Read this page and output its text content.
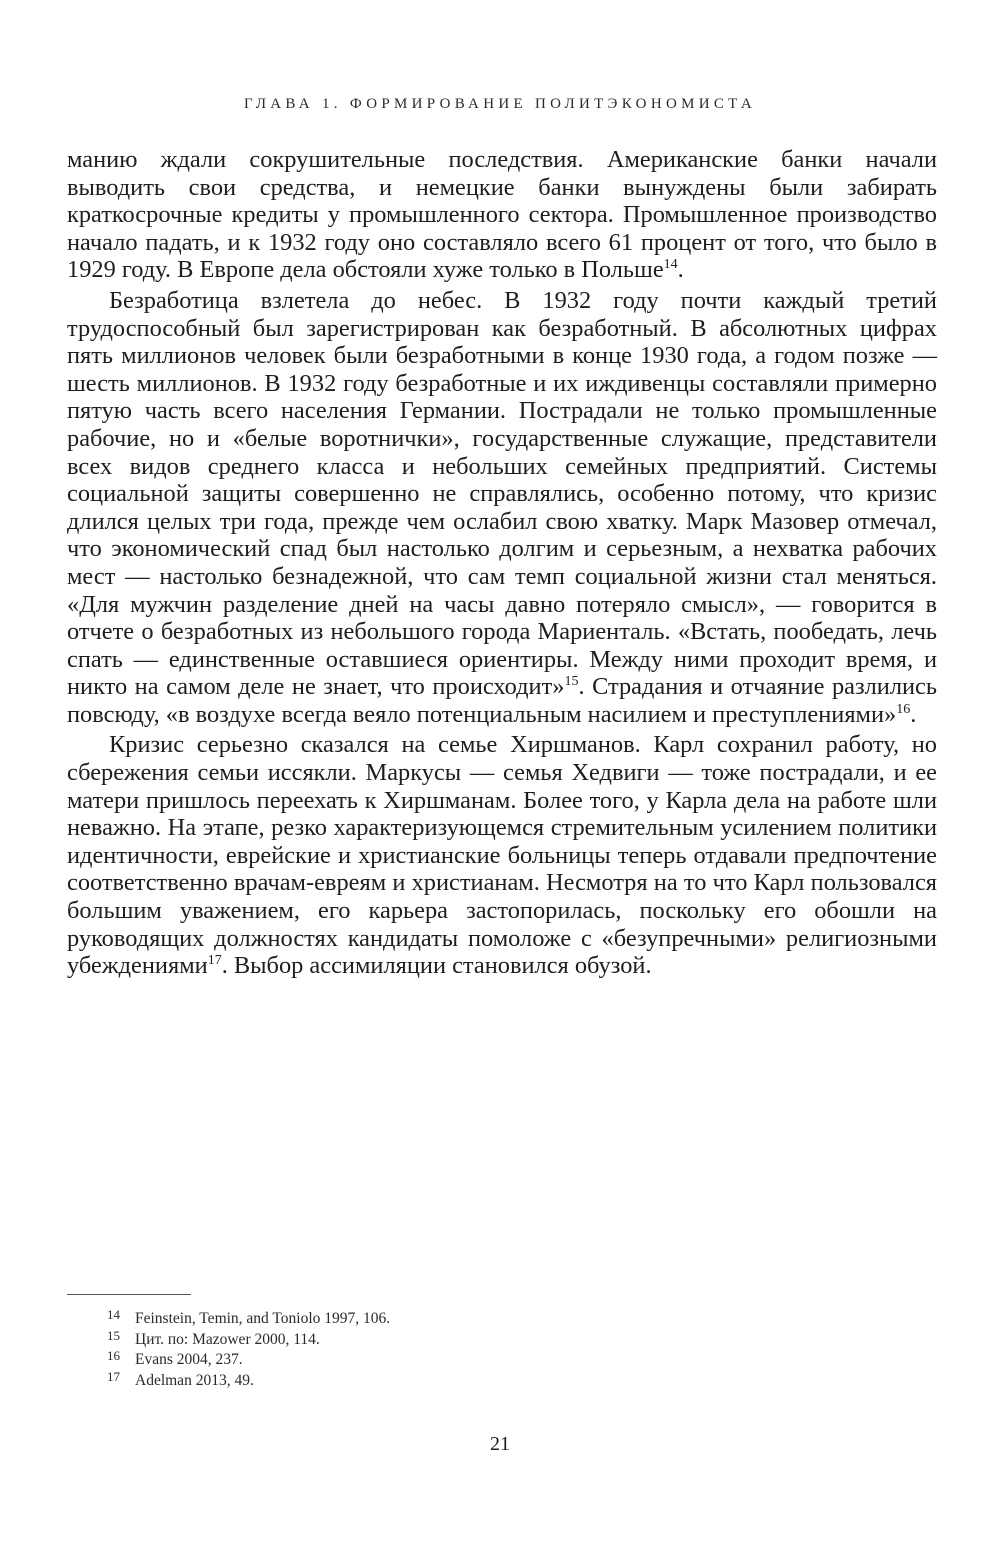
ГЛАВА 1. ФОРМИРОВАНИЕ ПОЛИТЭКОНОМИСТА

манию ждали сокрушительные последствия. Американские банки начали выводить свои средства, и немецкие банки вынуждены были забирать краткосрочные кредиты у промышленного сектора. Промышленное производство начало падать, и к 1932 году оно составляло всего 61 процент от того, что было в 1929 году. В Европе дела обстояли хуже только в Польше$^{14}$.

Безработица взлетела до небес. В 1932 году почти каждый третий трудоспособный был зарегистрирован как безработный. В абсолютных цифрах пять миллионов человек были безработными в конце 1930 года, а годом позже — шесть миллионов. В 1932 году безработные и их иждивенцы составляли примерно пятую часть всего населения Германии. Пострадали не только промышленные рабочие, но и «белые воротнички», государственные служащие, представители всех видов среднего класса и небольших семейных предприятий. Системы социальной защиты совершенно не справлялись, особенно потому, что кризис длился целых три года, прежде чем ослабил свою хватку. Марк Мазовер отмечал, что экономический спад был настолько долгим и серьезным, а нехватка рабочих мест — настолько безнадежной, что сам темп социальной жизни стал меняться. «Для мужчин разделение дней на часы давно потеряло смысл», — говорится в отчете о безработных из небольшого города Мариенталь. «Встать, пообедать, лечь спать — единственные оставшиеся ориентиры. Между ними проходит время, и никто на самом деле не знает, что происходит»$^{15}$. Страдания и отчаяние разлились повсюду, «в воздухе всегда веяло потенциальным насилием и преступлениями»$^{16}$.

Кризис серьезно сказался на семье Хиршманов. Карл сохранил работу, но сбережения семьи иссякли. Маркусы — семья Хедвиги — тоже пострадали, и ее матери пришлось переехать к Хиршманам. Более того, у Карла дела на работе шли неважно. На этапе, резко характеризующемся стремительным усилением политики идентичности, еврейские и христианские больницы теперь отдавали предпочтение соответственно врачам-евреям и христианам. Несмотря на то что Карл пользовался большим уважением, его карьера застопорилась, поскольку его обошли на руководящих должностях кандидаты помоложе с «безупречными» религиозными убеждениями$^{17}$. Выбор ассимиляции становился обузой.

14 Feinstein, Temin, and Toniolo 1997, 106.
15 Цит. по: Mazower 2000, 114.
16 Evans 2004, 237.
17 Adelman 2013, 49.
21
